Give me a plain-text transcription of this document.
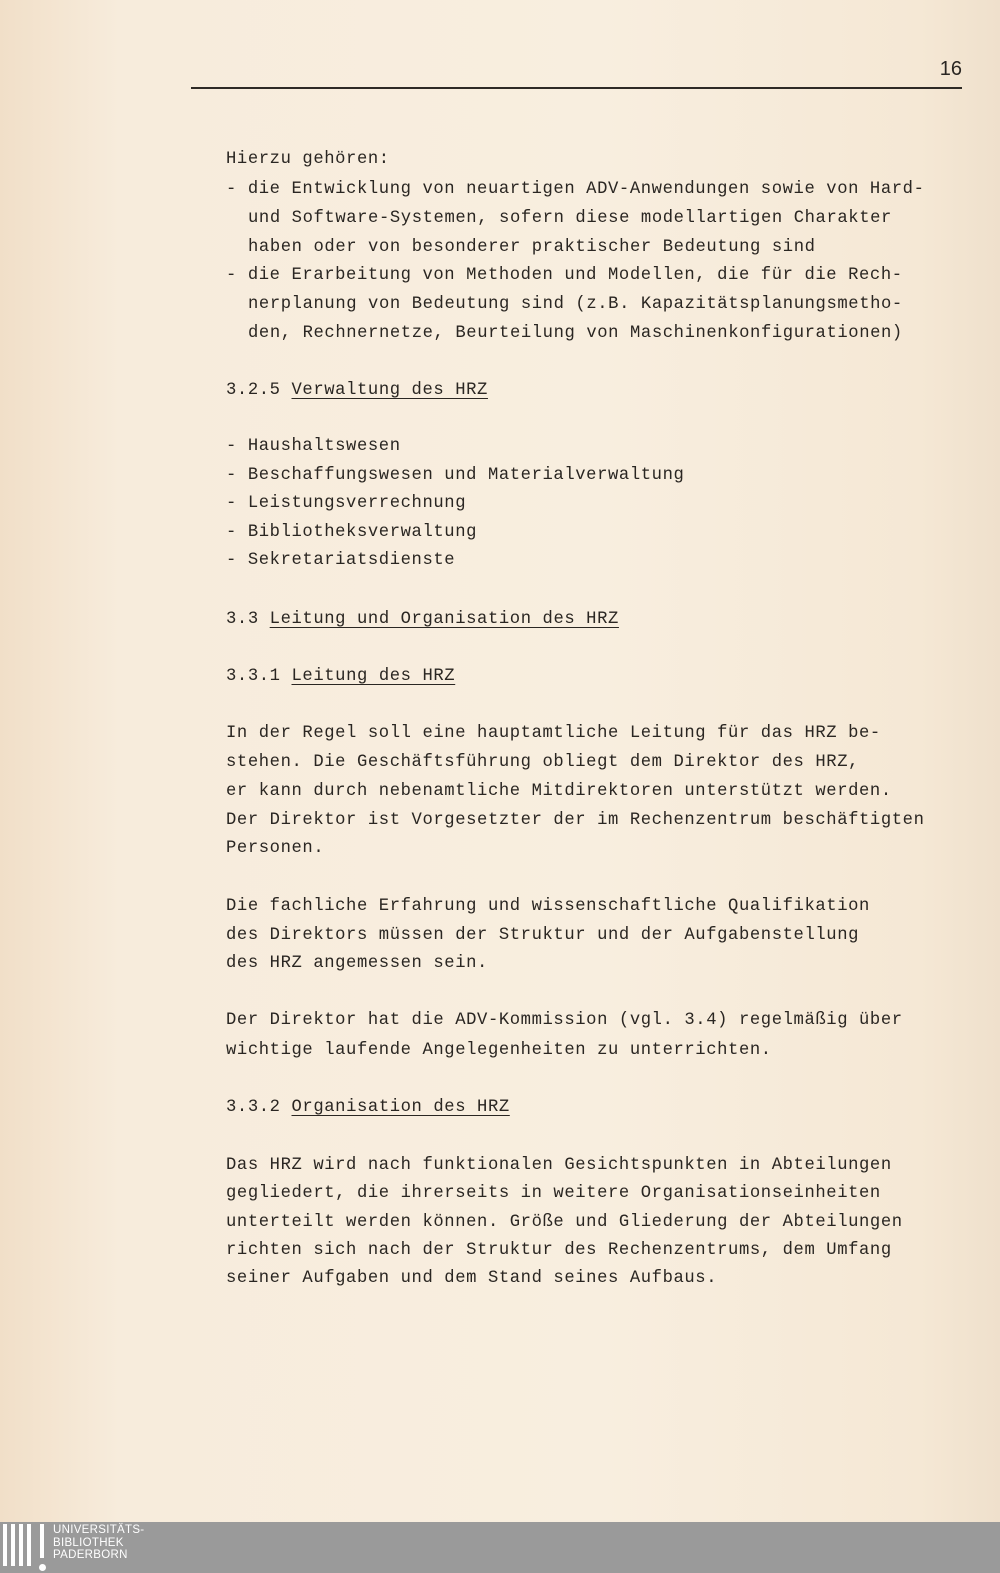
16
Hierzu gehören:
- die Entwicklung von neuartigen ADV-Anwendungen sowie von Hard-
und Software-Systemen, sofern diese modellartigen Charakter
haben oder von besonderer praktischer Bedeutung sind
- die Erarbeitung von Methoden und Modellen, die für die Rech-
nerplanung von Bedeutung sind (z.B. Kapazitätsplanungsmetho-
den, Rechnernetze, Beurteilung von Maschinenkonfigurationen)
3.2.5 Verwaltung des HRZ
- Haushaltswesen
- Beschaffungswesen und Materialverwaltung
- Leistungsverrechnung
- Bibliotheksverwaltung
- Sekretariatsdienste
3.3 Leitung und Organisation des HRZ
3.3.1 Leitung des HRZ
In der Regel soll eine hauptamtliche Leitung für das HRZ be-
stehen. Die Geschäftsführung obliegt dem Direktor des HRZ,
er kann durch nebenamtliche Mitdirektoren unterstützt werden.
Der Direktor ist Vorgesetzter der im Rechenzentrum beschäftigten
Personen.
Die fachliche Erfahrung und wissenschaftliche Qualifikation
des Direktors müssen der Struktur und der Aufgabenstellung
des HRZ angemessen sein.
Der Direktor hat die ADV-Kommission (vgl. 3.4) regelmäßig über
wichtige laufende Angelegenheiten zu unterrichten.
3.3.2 Organisation des HRZ
Das HRZ wird nach funktionalen Gesichtspunkten in Abteilungen
gegliedert, die ihrerseits in weitere Organisationseinheiten
unterteilt werden können. Größe und Gliederung der Abteilungen
richten sich nach der Struktur des Rechenzentrums, dem Umfang
seiner Aufgaben und dem Stand seines Aufbaus.
UNIVERSITÄTS-
BIBLIOTHEK
PADERBORN
